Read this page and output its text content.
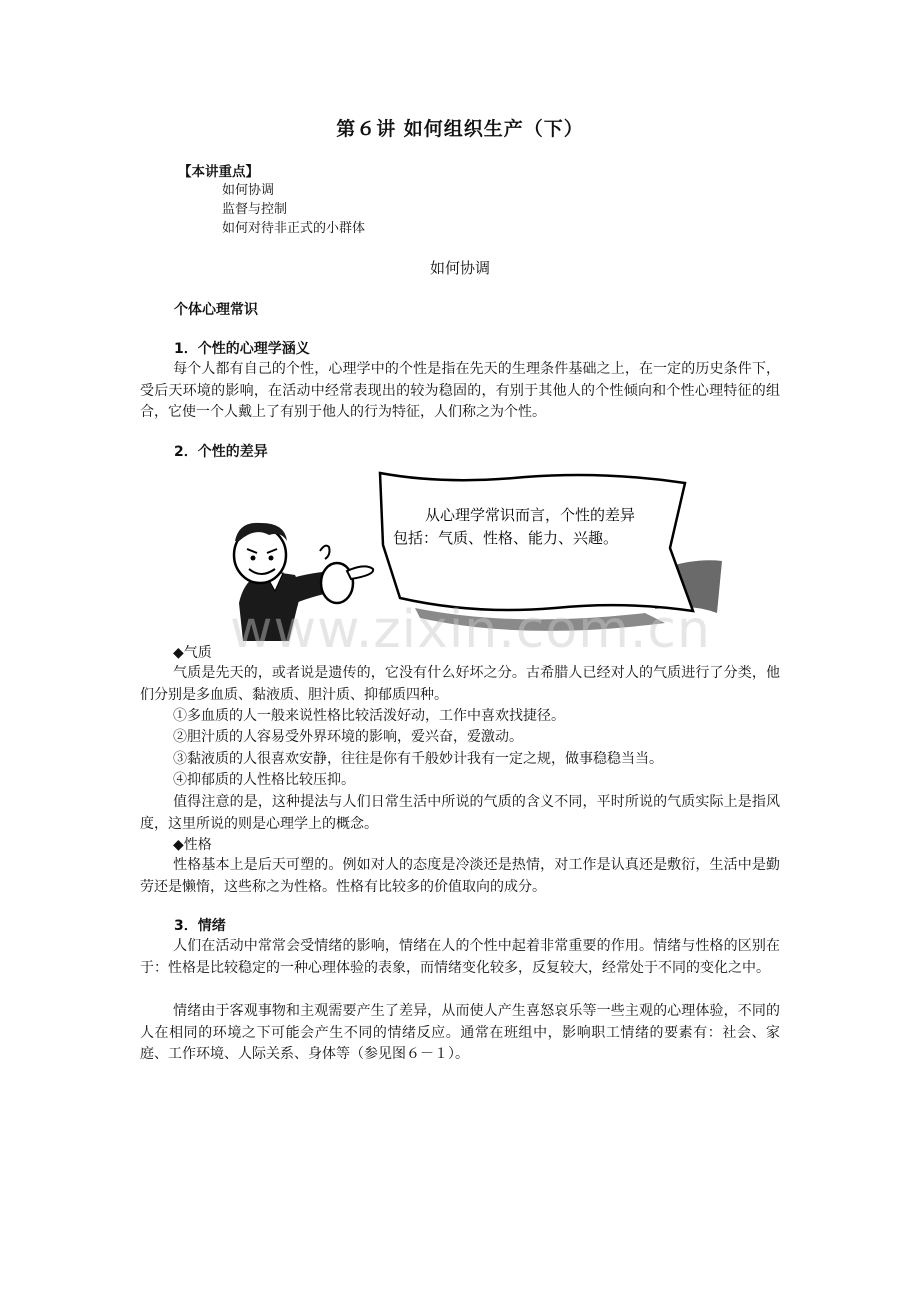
第６讲 如何组织生产（下）
【本讲重点】
如何协调
监督与控制
如何对待非正式的小群体
如何协调
个体心理常识
1．个性的心理学涵义
每个人都有自己的个性，心理学中的个性是指在先天的生理条件基础之上，在一定的历史条件下，受后天环境的影响，在活动中经常表现出的较为稳固的，有别于其他人的个性倾向和个性心理特征的组合，它使一个人戴上了有别于他人的行为特征，人们称之为个性。
2．个性的差异
从心理学常识而言，个性的差异
包括：气质、性格、能力、兴趣。
www.zixin.com.cn
◆气质
气质是先天的，或者说是遗传的，它没有什么好坏之分。古希腊人已经对人的气质进行了分类，他们分别是多血质、黏液质、胆汁质、抑郁质四种。
①多血质的人一般来说性格比较活泼好动，工作中喜欢找捷径。
②胆汁质的人容易受外界环境的影响，爱兴奋，爱激动。
③黏液质的人很喜欢安静，往往是你有千般妙计我有一定之规，做事稳稳当当。
④抑郁质的人性格比较压抑。
值得注意的是，这种提法与人们日常生活中所说的气质的含义不同，平时所说的气质实际上是指风度，这里所说的则是心理学上的概念。
◆性格
性格基本上是后天可塑的。例如对人的态度是冷淡还是热情，对工作是认真还是敷衍，生活中是勤劳还是懒惰，这些称之为性格。性格有比较多的价值取向的成分。
3．情绪
人们在活动中常常会受情绪的影响，情绪在人的个性中起着非常重要的作用。情绪与性格的区别在于：性格是比较稳定的一种心理体验的表象，而情绪变化较多，反复较大，经常处于不同的变化之中。
情绪由于客观事物和主观需要产生了差异，从而使人产生喜怒哀乐等一些主观的心理体验，不同的人在相同的环境之下可能会产生不同的情绪反应。通常在班组中，影响职工情绪的要素有：社会、家庭、工作环境、人际关系、身体等（参见图６－１）。
